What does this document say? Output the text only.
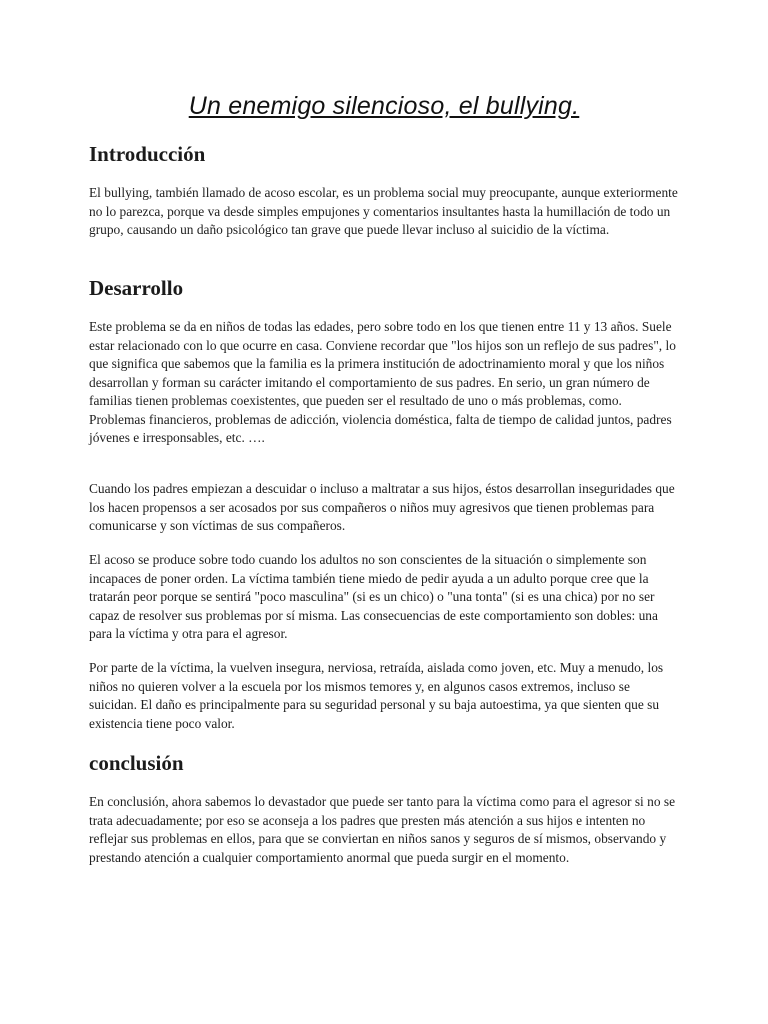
Un enemigo silencioso, el bullying.
Introducción

El bullying, también llamado de acoso escolar, es un problema social muy preocupante, aunque exteriormente no lo parezca, porque va desde simples empujones y comentarios insultantes hasta la humillación de todo un grupo, causando un daño psicológico tan grave que puede llevar incluso al suicidio de la víctima.

Desarrollo

Este problema se da en niños de todas las edades, pero sobre todo en los que tienen entre 11 y 13 años. Suele estar relacionado con lo que ocurre en casa. Conviene recordar que "los hijos son un reflejo de sus padres", lo que significa que sabemos que la familia es la primera institución de adoctrinamiento moral y que los niños desarrollan y forman su carácter imitando el comportamiento de sus padres. En serio, un gran número de familias tienen problemas coexistentes, que pueden ser el resultado de uno o más problemas, como. Problemas financieros, problemas de adicción, violencia doméstica, falta de tiempo de calidad juntos, padres jóvenes e irresponsables, etc. ….

Cuando los padres empiezan a descuidar o incluso a maltratar a sus hijos, éstos desarrollan inseguridades que los hacen propensos a ser acosados por sus compañeros o niños muy agresivos que tienen problemas para comunicarse y son víctimas de sus compañeros.

El acoso se produce sobre todo cuando los adultos no son conscientes de la situación o simplemente son incapaces de poner orden. La víctima también tiene miedo de pedir ayuda a un adulto porque cree que la tratarán peor porque se sentirá "poco masculina" (si es un chico) o "una tonta" (si es una chica) por no ser capaz de resolver sus problemas por sí misma. Las consecuencias de este comportamiento son dobles: una para la víctima y otra para el agresor.

Por parte de la víctima, la vuelven insegura, nerviosa, retraída, aislada como joven, etc. Muy a menudo, los niños no quieren volver a la escuela por los mismos temores y, en algunos casos extremos, incluso se suicidan. El daño es principalmente para su seguridad personal y su baja autoestima, ya que sienten que su existencia tiene poco valor.

conclusión

En conclusión, ahora sabemos lo devastador que puede ser tanto para la víctima como para el agresor si no se trata adecuadamente; por eso se aconseja a los padres que presten más atención a sus hijos e intenten no reflejar sus problemas en ellos, para que se conviertan en niños sanos y seguros de sí mismos, observando y prestando atención a cualquier comportamiento anormal que pueda surgir en el momento.
